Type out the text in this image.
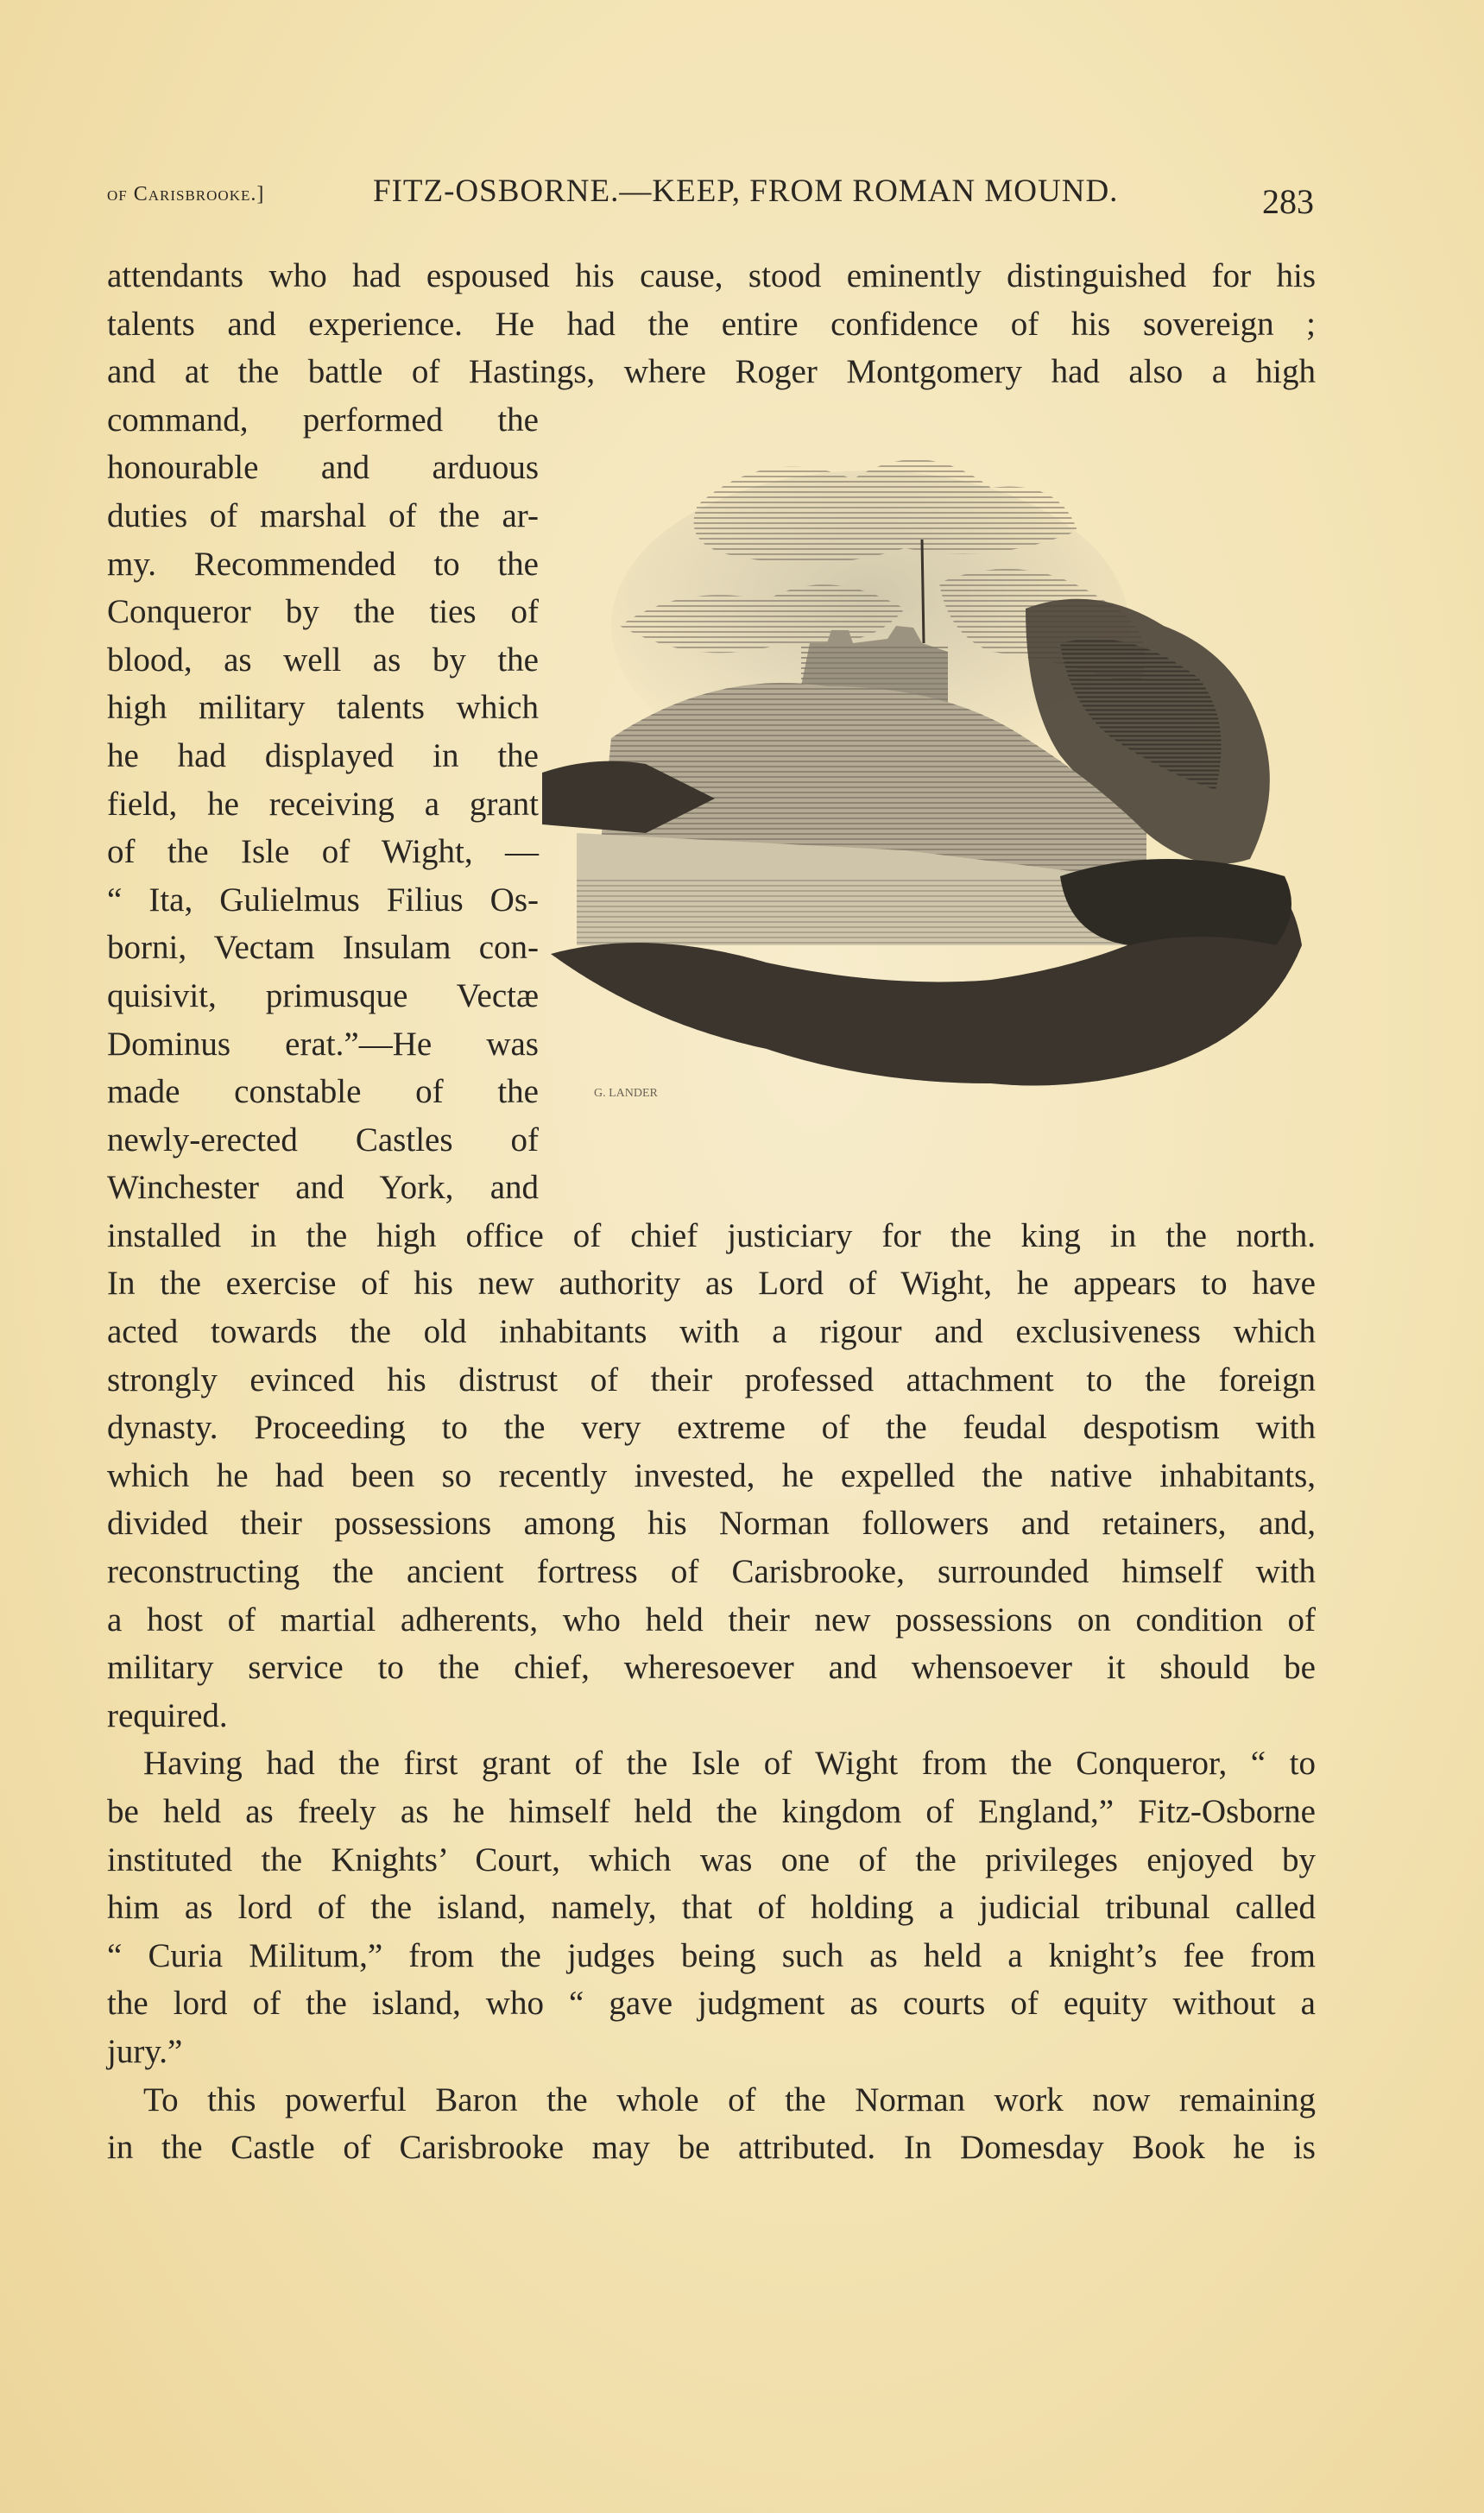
of Carisbrooke.]	FITZ-OSBORNE.—KEEP, FROM ROMAN MOUND.	283
attendants who had espoused his cause, stood eminently distinguished for his
talents and experience. He had the entire confidence of his sovereign ;
and at the battle of Hastings, where Roger Montgomery had also a high
command, performed the
honourable and arduous
duties of marshal of the ar-
my. Recommended to the
Conqueror by the ties of
blood, as well as by the
high military talents which
he had displayed in the
field, he receiving a grant
of the Isle of Wight, —
“ Ita, Gulielmus Filius Os-
borni, Vectam Insulam con-
quisivit, primusque Vectæ
Dominus erat.”—He was
made constable of the
newly-erected Castles of
Winchester and York, and
installed in the high office of chief justiciary for the king in the north.
In the exercise of his new authority as Lord of Wight, he appears to have
acted towards the old inhabitants with a rigour and exclusiveness which
strongly evinced his distrust of their professed attachment to the foreign
dynasty. Proceeding to the very extreme of the feudal despotism with
which he had been so recently invested, he expelled the native inhabitants,
divided their possessions among his Norman followers and retainers, and,
reconstructing the ancient fortress of Carisbrooke, surrounded himself with
a host of martial adherents, who held their new possessions on condition of
military service to the chief, wheresoever and whensoever it should be
required.
Having had the first grant of the Isle of Wight from the Conqueror, “ to
be held as freely as he himself held the kingdom of England,” Fitz-Osborne
instituted the Knights’ Court, which was one of the privileges enjoyed by
him as lord of the island, namely, that of holding a judicial tribunal called
“ Curia Militum,” from the judges being such as held a knight’s fee from
the lord of the island, who “ gave judgment as courts of equity without a
jury.”
To this powerful Baron the whole of the Norman work now remaining
in the Castle of Carisbrooke may be attributed. In Domesday Book he is
G. LANDER
